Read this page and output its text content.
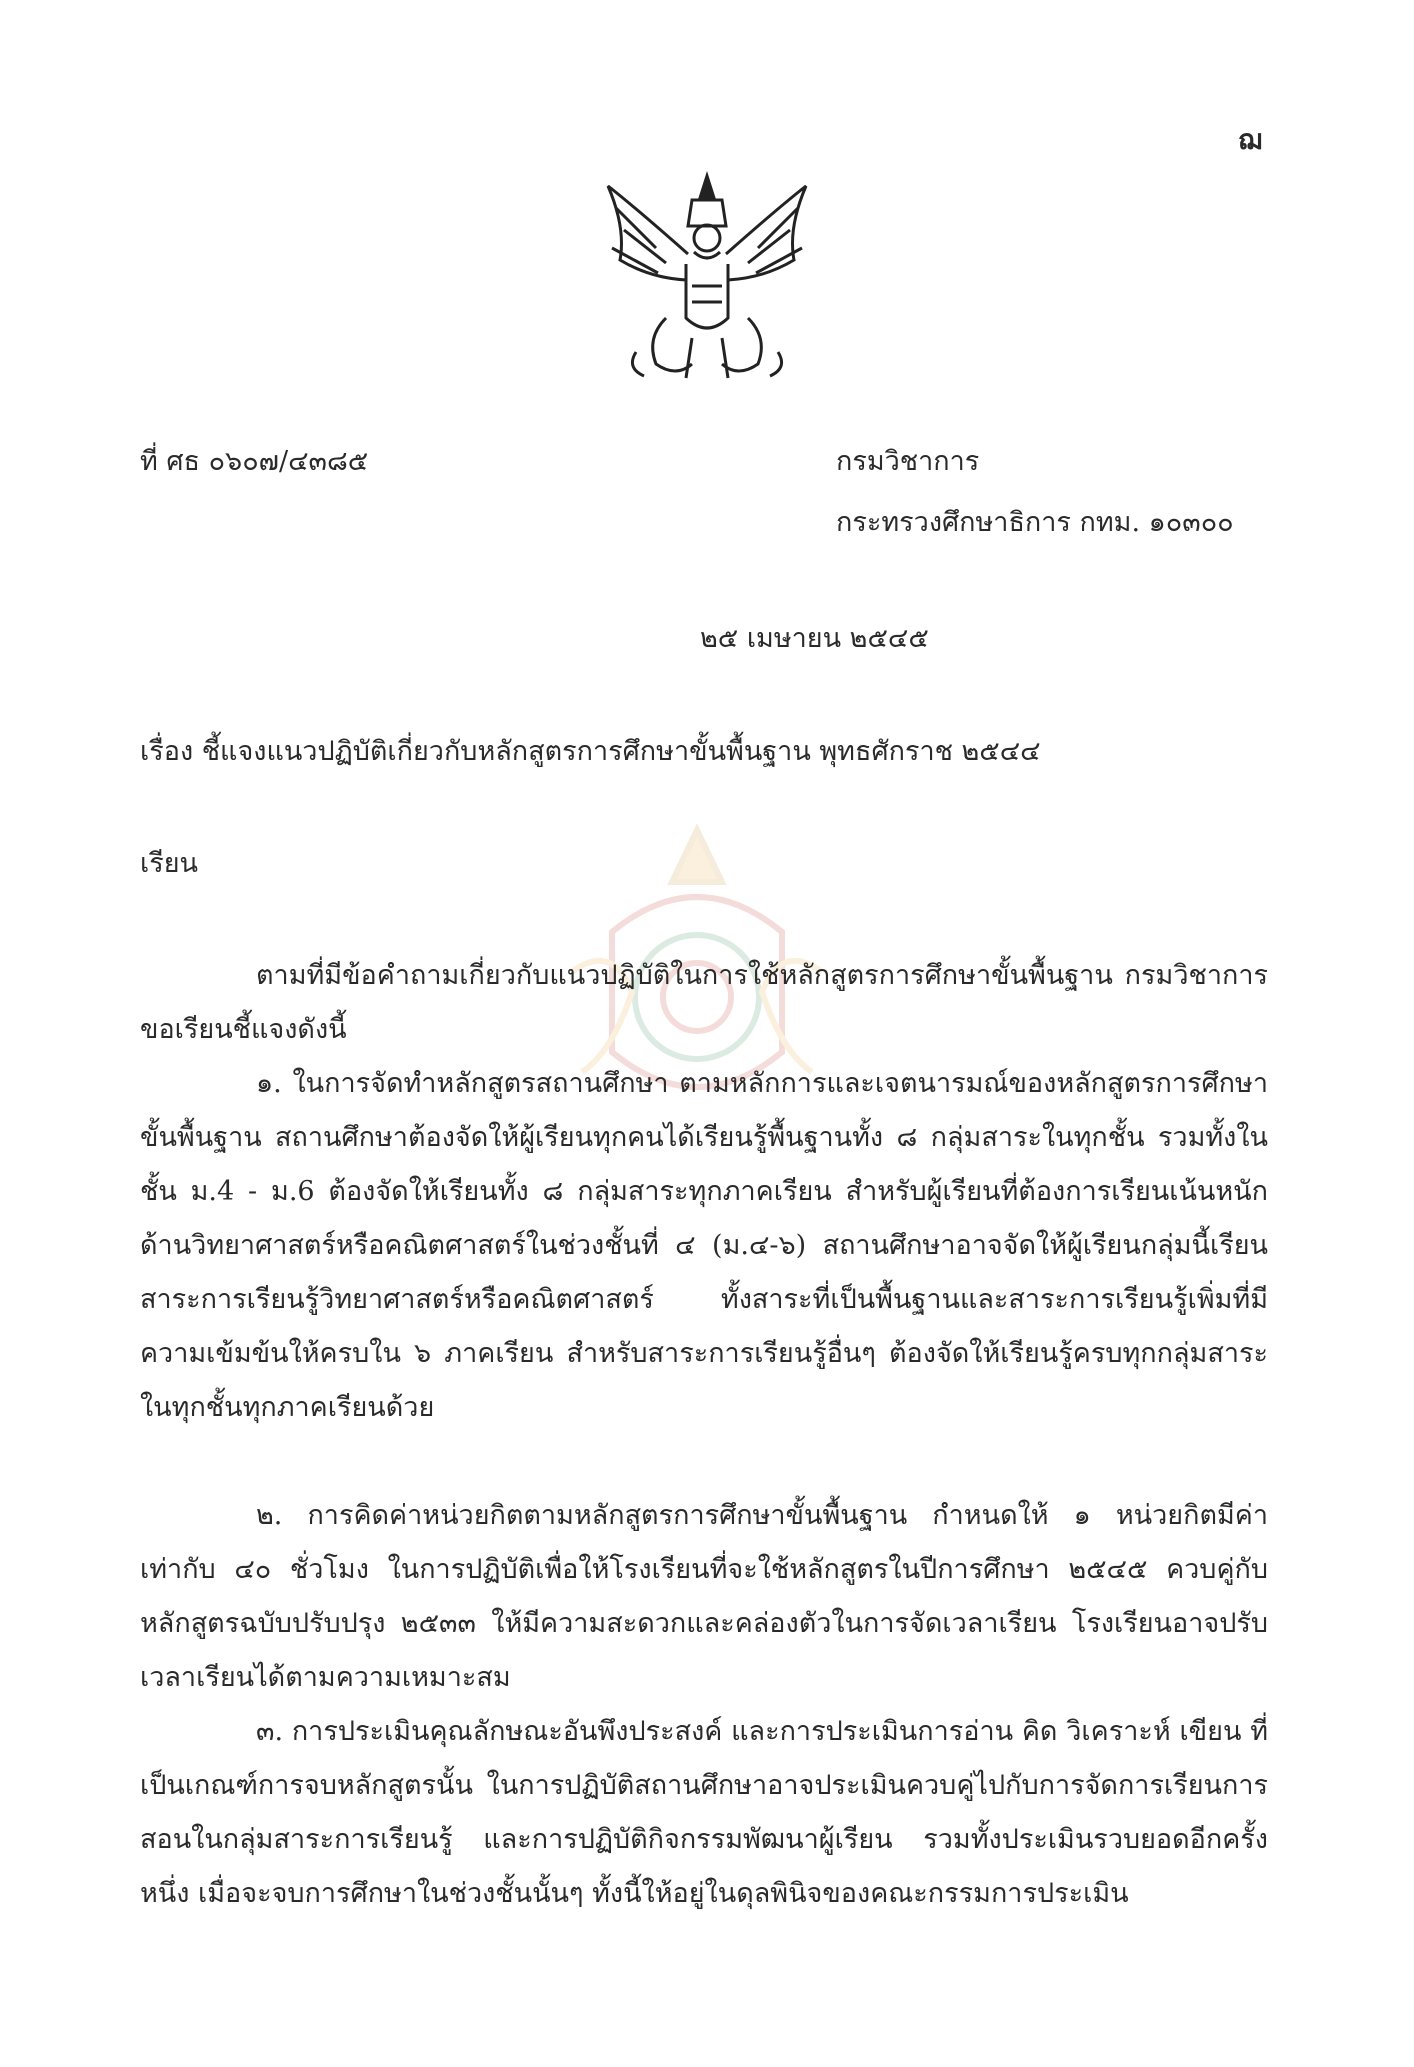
ฌ
ที่ ศธ ๐๖๐๗/๔๓๘๕	กรมวิชาการ
กระทรวงศึกษาธิการ กทม. ๑๐๓๐๐
๒๕ เมษายน ๒๕๔๕
เรื่อง ชี้แจงแนวปฏิบัติเกี่ยวกับหลักสูตรการศึกษาขั้นพื้นฐาน พุทธศักราช ๒๕๔๔
เรียน
ตามที่มีข้อคำถามเกี่ยวกับแนวปฏิบัติในการใช้หลักสูตรการศึกษาขั้นพื้นฐาน กรมวิชาการขอเรียนชี้แจงดังนี้
๑. ในการจัดทำหลักสูตรสถานศึกษา ตามหลักการและเจตนารมณ์ของหลักสูตรการศึกษาขั้นพื้นฐาน สถานศึกษาต้องจัดให้ผู้เรียนทุกคนได้เรียนรู้พื้นฐานทั้ง ๘ กลุ่มสาระในทุกชั้น รวมทั้งในชั้น ม.4 - ม.6 ต้องจัดให้เรียนทั้ง ๘ กลุ่มสาระทุกภาคเรียน สำหรับผู้เรียนที่ต้องการเรียนเน้นหนักด้านวิทยาศาสตร์หรือคณิตศาสตร์ในช่วงชั้นที่ ๔ (ม.๔-๖) สถานศึกษาอาจจัดให้ผู้เรียนกลุ่มนี้เรียนสาระการเรียนรู้วิทยาศาสตร์หรือคณิตศาสตร์ ทั้งสาระที่เป็นพื้นฐานและสาระการเรียนรู้เพิ่มที่มีความเข้มข้นให้ครบใน ๖ ภาคเรียน สำหรับสาระการเรียนรู้อื่นๆ ต้องจัดให้เรียนรู้ครบทุกกลุ่มสาระในทุกชั้นทุกภาคเรียนด้วย
๒. การคิดค่าหน่วยกิตตามหลักสูตรการศึกษาขั้นพื้นฐาน กำหนดให้ ๑ หน่วยกิตมีค่าเท่ากับ ๔๐ ชั่วโมง ในการปฏิบัติเพื่อให้โรงเรียนที่จะใช้หลักสูตรในปีการศึกษา ๒๕๔๕ ควบคู่กับหลักสูตรฉบับปรับปรุง ๒๕๓๓ ให้มีความสะดวกและคล่องตัวในการจัดเวลาเรียน โรงเรียนอาจปรับเวลาเรียนได้ตามความเหมาะสม
๓. การประเมินคุณลักษณะอันพึงประสงค์ และการประเมินการอ่าน คิด วิเคราะห์ เขียน ที่เป็นเกณฑ์การจบหลักสูตรนั้น ในการปฏิบัติสถานศึกษาอาจประเมินควบคู่ไปกับการจัดการเรียนการสอนในกลุ่มสาระการเรียนรู้ และการปฏิบัติกิจกรรมพัฒนาผู้เรียน รวมทั้งประเมินรวบยอดอีกครั้งหนึ่ง เมื่อจะจบการศึกษาในช่วงชั้นนั้นๆ ทั้งนี้ให้อยู่ในดุลพินิจของคณะกรรมการประเมิน
